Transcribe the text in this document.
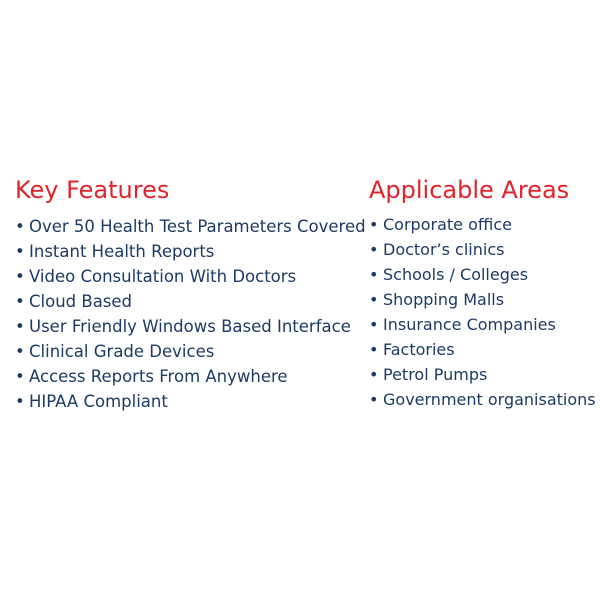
Key Features
• Over 50 Health Test Parameters Covered
• Instant Health Reports
• Video Consultation With Doctors
• Cloud Based
• User Friendly Windows Based Interface
• Clinical Grade Devices
• Access Reports From Anywhere
• HIPAA Compliant
Applicable Areas
• Corporate office
• Doctor’s clinics
• Schools / Colleges
• Shopping Malls
• Insurance Companies
• Factories
• Petrol Pumps
• Government organisations
